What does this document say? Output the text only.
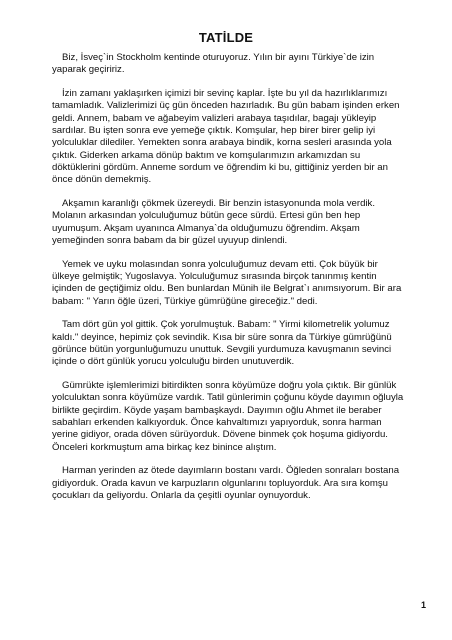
TATİLDE

Biz, İsveç`in Stockholm kentinde oturuyoruz. Yılın bir ayını Türkiye`de izin yaparak geçiririz.

İzin zamanı yaklaşırken içimizi bir sevinç kaplar. İşte bu yıl da hazırlıklarımızı tamamladık. Valizlerimizi üç gün önceden hazırladık. Bu gün babam işinden erken geldi. Annem, babam ve ağabeyim valizleri arabaya taşıdılar, bagajı yükleyip sardılar. Bu işten sonra eve yemeğe çıktık. Komşular, hep birer birer gelip iyi yolculuklar dilediler. Yemekten sonra arabaya bindik, korna sesleri arasında yola çıktık. Giderken arkama dönüp baktım ve komşularımızın arkamızdan su döktüklerini gördüm. Anneme sordum ve öğrendim ki bu, gittiğiniz yerden bir an önce dönün demekmiş.

Akşamın karanlığı çökmek üzereydi. Bir benzin istasyonunda mola verdik. Molanın arkasından yolculuğumuz bütün gece sürdü. Ertesi gün ben hep uyumuşum. Akşam uyanınca Almanya`da olduğumuzu öğrendim. Akşam yemeğinden sonra babam da bir güzel uyuyup dinlendi.

Yemek ve uyku molasından sonra yolculuğumuz devam etti. Çok büyük bir ülkeye gelmiştik; Yugoslavya. Yolculuğumuz sırasında birçok tanınmış kentin içinden de geçtiğimiz oldu. Ben bunlardan Münih ile Belgrat`ı anımsıyorum. Bir ara babam: " Yarın öğle üzeri, Türkiye gümrüğüne gireceğiz." dedi.

Tam dört gün yol gittik. Çok yorulmuştuk. Babam: " Yirmi kilometrelik yolumuz kaldı." deyince, hepimiz çok sevindik. Kısa bir süre sonra da Türkiye gümrüğünü görünce bütün yorgunluğumuzu unuttuk. Sevgili yurdumuza kavuşmanın sevinci içinde o dört günlük yorucu yolculuğu birden unutuverdik.

Gümrükte işlemlerimizi bitirdikten sonra köyümüze doğru yola çıktık. Bir günlük yolculuktan sonra köyümüze vardık. Tatil günlerimin çoğunu köyde dayımın oğluyla birlikte geçirdim. Köyde yaşam bambaşkaydı. Dayımın oğlu Ahmet ile beraber sabahları erkenden kalkıyorduk. Önce kahvaltımızı yapıyorduk, sonra harman yerine gidiyor, orada döven sürüyorduk. Dövene binmek çok hoşuma gidiyordu. Önceleri korkmuştum ama birkaç kez binince alıştım.

Harman yerinden az ötede dayımların bostanı vardı. Öğleden sonraları bostana gidiyorduk. Orada kavun ve karpuzların olgunlarını topluyorduk. Ara sıra komşu çocukları da geliyordu. Onlarla da çeşitli oyunlar oynuyorduk.

1
